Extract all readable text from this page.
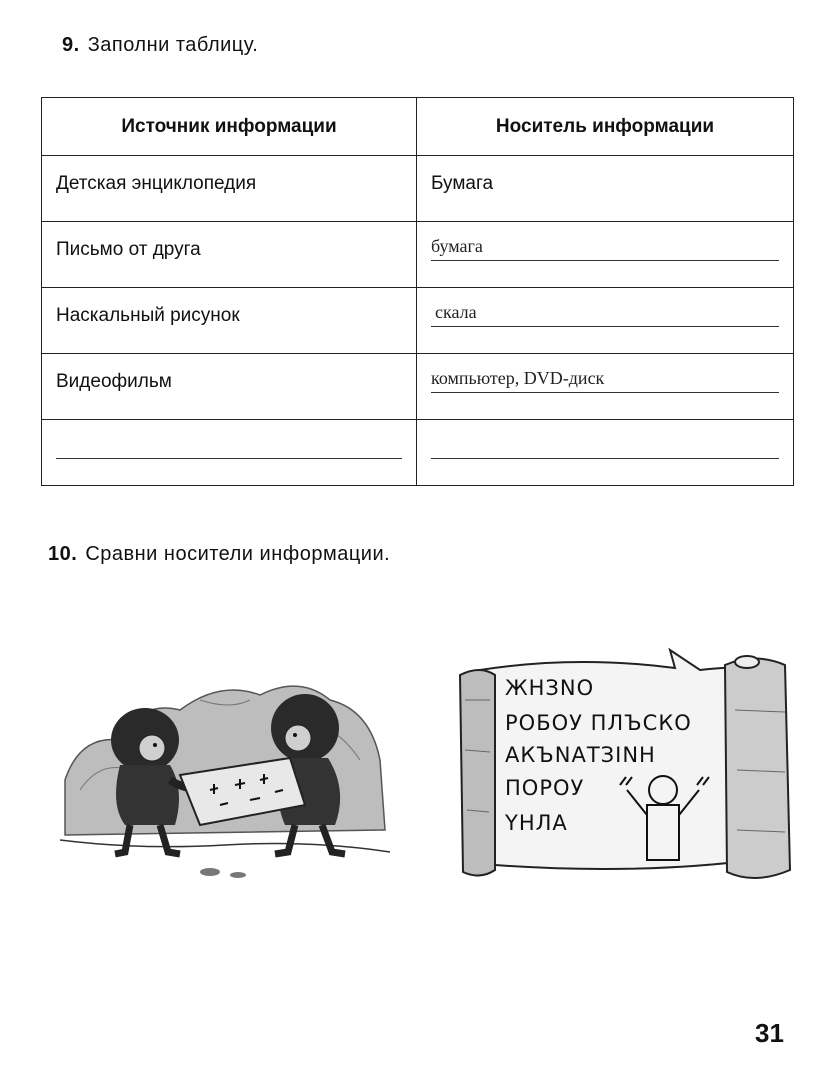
9. Заполни таблицу.
Источник информации	Носитель информации

Детская энциклопедия	Бумага

Письмо от друга	бумага

Наскальный рисунок	скала

Видеофильм	компьютер, DVD-диск

10. Сравни носители информации.
ЖНЗNО
РОБОУ ПЛЪСКО
АКЪNАТЗINН
ПОРОУ
ҮНЛА
31
